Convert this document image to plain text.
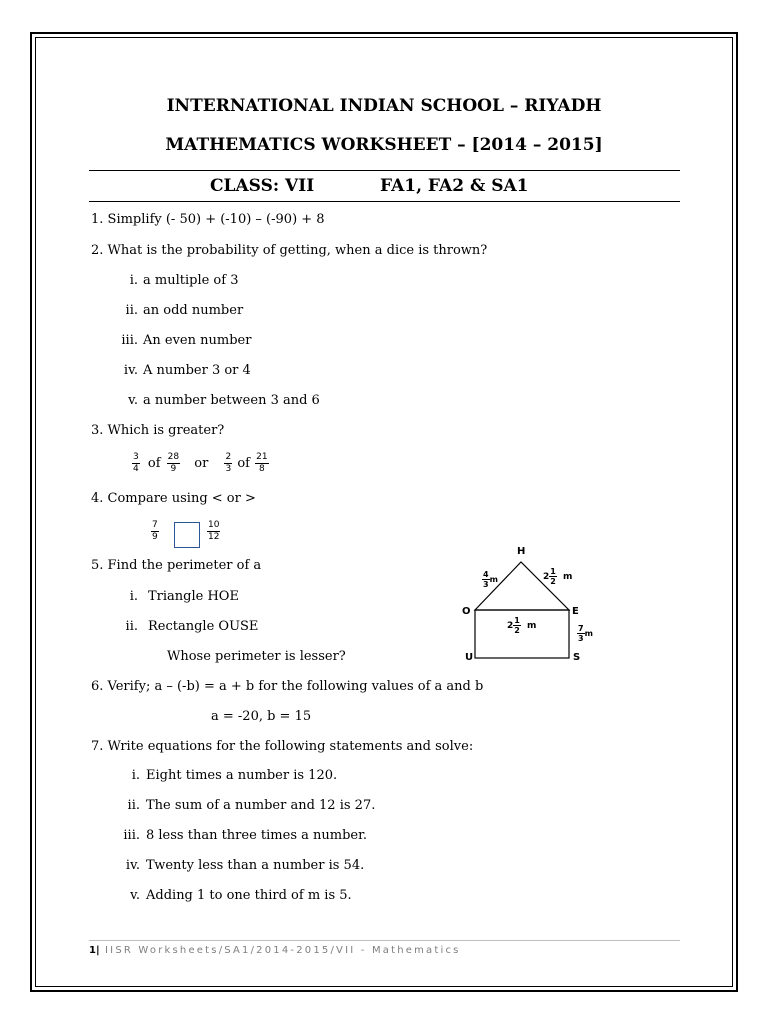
INTERNATIONAL INDIAN SCHOOL – RIYADH
MATHEMATICS WORKSHEET – [2014 – 2015]
CLASS: VII	FA1, FA2 & SA1
1. Simplify (- 50) + (-10) – (-90) + 8
2. What is the probability of getting, when a dice is thrown?
i. a multiple of 3
ii. an odd number
iii. An even number
iv. A number 3 or 4
v. a number between 3 and 6
3. Which is greater?
$\frac{3}{4}$ of $\frac{28}{9}$ or $\frac{2}{3}$ of $\frac{21}{8}$
4. Compare using < or >
$\frac{7}{9}$	$\frac{10}{12}$
5. Find the perimeter of a
i. Triangle HOE
ii. Rectangle OUSE
Whose perimeter is lesser?
H
O	E
U	S
$\frac{4}{3}$ m	$2 \frac{1}{2}$ m
$2 \frac{1}{2}$ m	$\frac{7}{3}$ m
6. Verify; a – (-b) = a + b for the following values of a and b
a = -20, b = 15
7. Write equations for the following statements and solve:
i. Eight times a number is 120.
ii. The sum of a number and 12 is 27.
iii. 8 less than three times a number.
iv. Twenty less than a number is 54.
v. Adding 1 to one third of m is 5.
1| IISR Worksheets/SA1/2014-2015/VII - Mathematics
